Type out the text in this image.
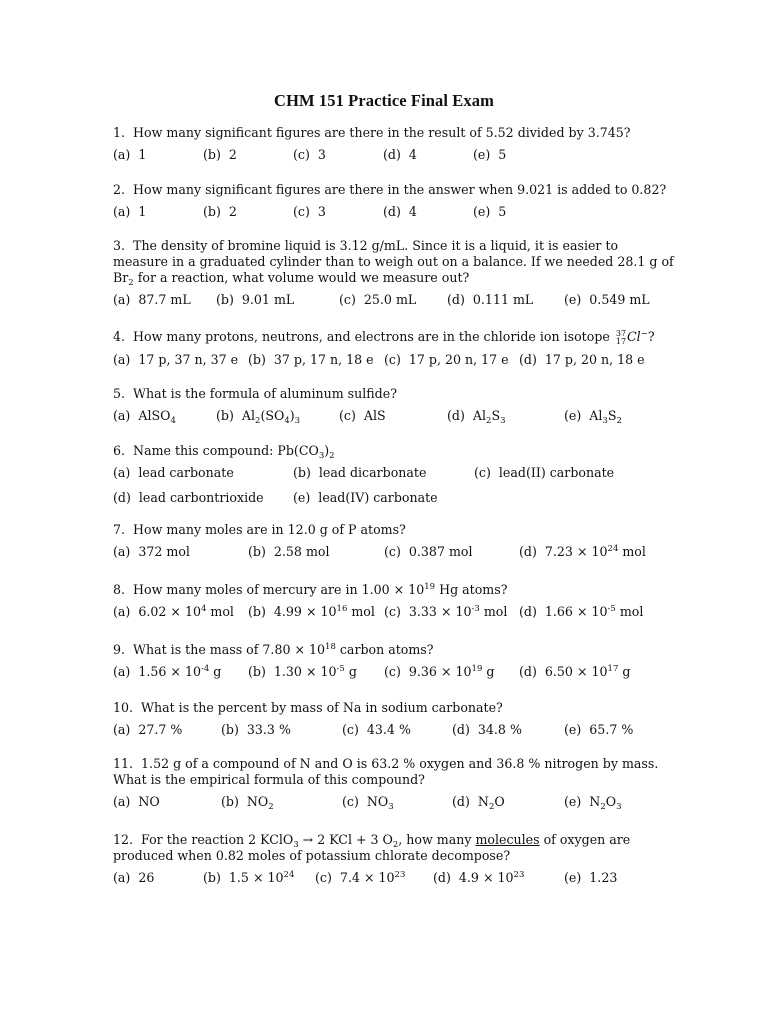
CHM 151 Practice Final Exam
1. How many significant figures are there in the result of 5.52 divided by 3.745?
(a) 1	(b) 2	(c) 3	(d) 4	(e) 5
2. How many significant figures are there in the answer when 9.021 is added to 0.82?
(a) 1	(b) 2	(c) 3	(d) 4	(e) 5
3. The density of bromine liquid is 3.12 g/mL. Since it is a liquid, it is easier to
measure in a graduated cylinder than to weigh out on a balance. If we needed 28.1 g of
$Br_2$ for a reaction, what volume would we measure out?
(a) 87.7 mL (b) 9.01 mL	(c) 25.0 mL (d) 0.111 mL (e) 0.549 mL
4. How many protons, neutrons, and electrons are in the chloride ion isotope 37
17 Cl−?
(a) 17 p, 37 n, 37 e (b) 37 p, 17 n, 18 e (c) 17 p, 20 n, 17 e (d) 17 p, 20 n, 18 e
5. What is the formula of aluminum sulfide?
(a) AlSO$_4$	(b) $Al_2(SO_4)_3$	(c) AlS	(d) $Al_2S_3$	(e) $Al_3S_2$
6. Name this compound: $Pb(CO_3)_2$
(a) lead carbonate	(b) lead dicarbonate	(c) lead(II) carbonate
(d) lead carbontrioxide (e) lead(IV) carbonate
7. How many moles are in 12.0 g of P atoms?
(a) 372 mol	(b) 2.58 mol	(c) 0.387 mol	(d) $7.23 \times 10^{24}$ mol
8. How many moles of mercury are in $1.00 \times 10^{19}$ Hg atoms?
(a) $6.02 \times 10^4$ mol (b) $4.99 \times 10^{16}$ mol (c) $3.33 \times 10^{-3}$ mol (d) $1.66 \times 10^{-5}$ mol
9. What is the mass of $7.80 \times 10^{18}$ carbon atoms?
(a) $1.56 \times 10^{-4}$ g (b) $1.30 \times 10^{-5}$ g (c) $9.36 \times 10^{19}$ g (d) $6.50 \times 10^{17}$ g
10. What is the percent by mass of Na in sodium carbonate?
(a) 27.7 %	(b) 33.3 %	(c) 43.4 %	(d) 34.8 %	(e) 65.7 %
11. 1.52 g of a compound of N and O is 63.2 % oxygen and 36.8 % nitrogen by mass.
What is the empirical formula of this compound?
(a) NO	(b) $NO_2$	(c) $NO_3$	(d) $N_2O$	(e) $N_2O_3$
12. For the reaction 2 KClO$_3$ → 2 KCl + 3 $O_2$, how many molecules of oxygen are
produced when 0.82 moles of potassium chlorate decompose?
(a) 26	(b) $1.5 \times 10^{24}$ (c) $7.4 \times 10^{23}$ (d) $4.9 \times 10^{23}$	(e) 1.23
